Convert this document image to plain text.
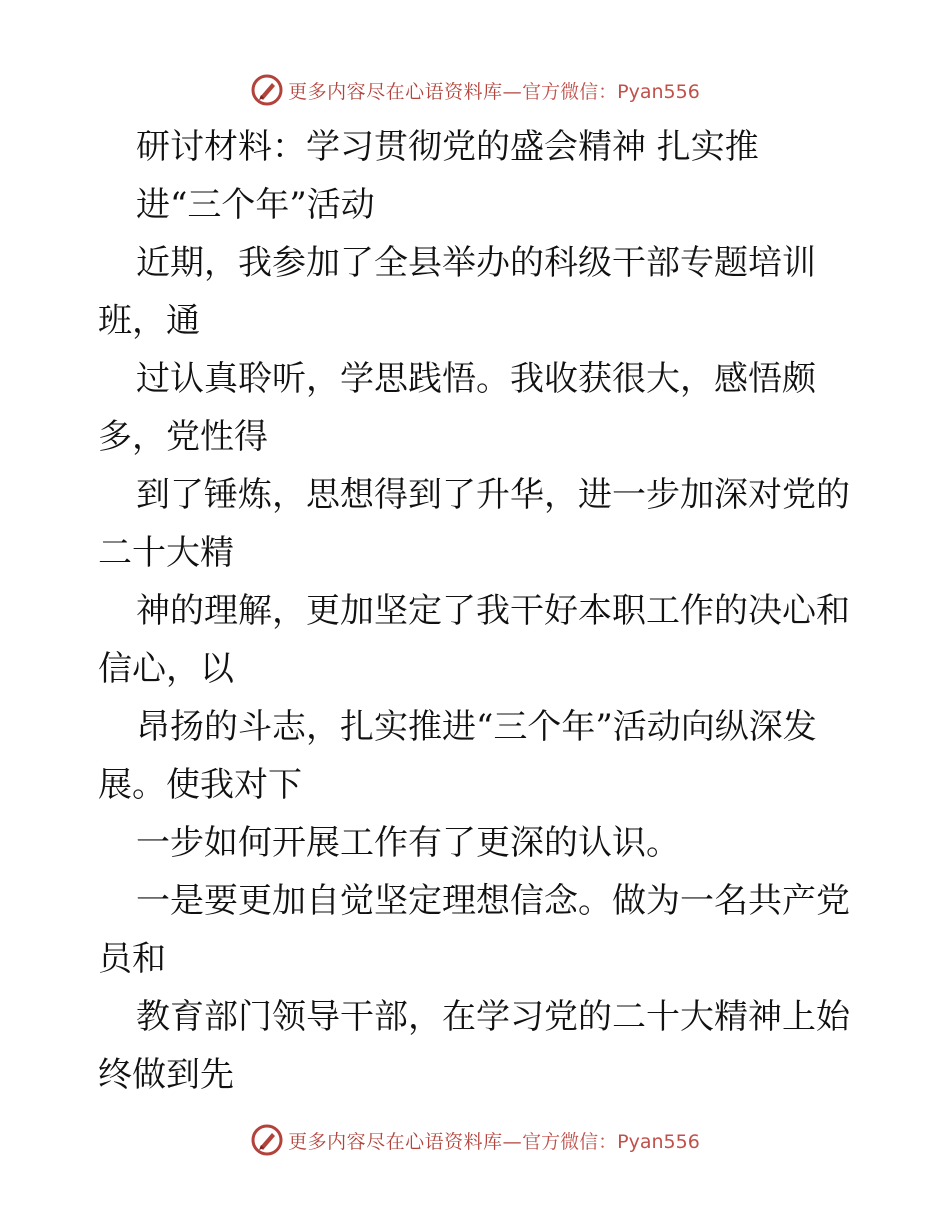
更多内容尽在心语资料库— 官方微信：Pyan556
研讨材料：学习贯彻党的盛会精神 扎实推
进“三个年”活动
近期，我参加了全县举办的科级干部专题培训
班，通
过认真聆听，学思践悟。我收获很大，感悟颇
多，党性得
到了锤炼，思想得到了升华，进一步加深对党的
二十大精
神的理解，更加坚定了我干好本职工作的决心和
信心，以
昂扬的斗志，扎实推进“三个年”活动向纵深发
展。使我对下
一步如何开展工作有了更深的认识。
一是要更加自觉坚定理想信念。做为一名共产党
员和
教育部门领导干部，在学习党的二十大精神上始
终做到先
更多内容尽在心语资料库— 官方微信：Pyan556
